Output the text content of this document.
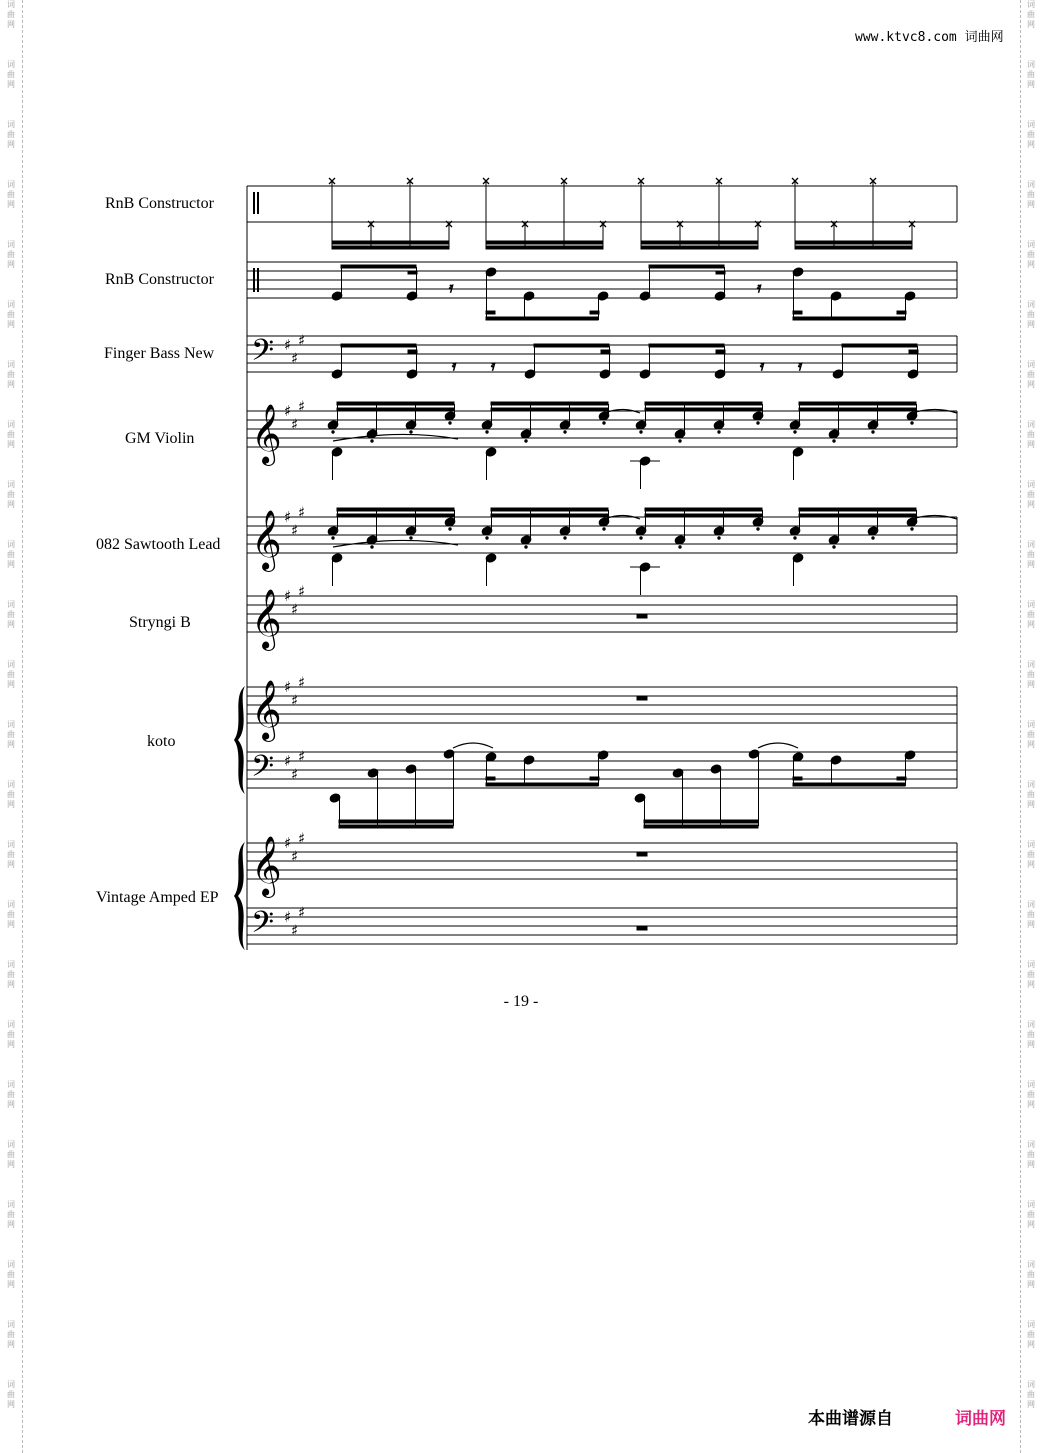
词
曲
网
词
曲
网
词
曲
网
词
曲
网
词
曲
网
词
曲
网
词
曲
网
词
曲
网
词
曲
网
词
曲
网
词
曲
网
词
曲
网
词
曲
网
词
曲
网
词
曲
网
词
曲
网
词
曲
网
词
曲
网
词
曲
网
词
曲
网
词
曲
网
词
曲
网
词
曲
网
词
曲
网
词
曲
网
词
曲
网
词
曲
网
词
曲
网
词
曲
网
词
曲
网
词
曲
网
词
曲
网
词
曲
网
词
曲
网
词
曲
网
词
曲
网
词
曲
网
词
曲
网
词
曲
网
词
曲
网
词
曲
网
词
曲
网
词
曲
网
词
曲
网
词
曲
网
词
曲
网
词
曲
网
词
曲
网
www.ktvc8.com 词曲网
RnB Constructor
RnB Constructor
Finger Bass New
GM Violin
082 Sawtooth Lead
Stryngi B
koto
Vintage Amped EP
𝄢 ♯
♯
♯
𝄞 ♯
♯
♯
𝄞 ♯
♯
♯
𝄞 ♯
♯
♯
𝄞 ♯
♯
♯
𝄢 ♯
♯
♯
𝄞 ♯
♯
♯
𝄢 ♯
♯
♯
𝄿	𝄿
𝄿 𝄿	𝄿 𝄿
- 19 -
本曲谱源自	词曲网
